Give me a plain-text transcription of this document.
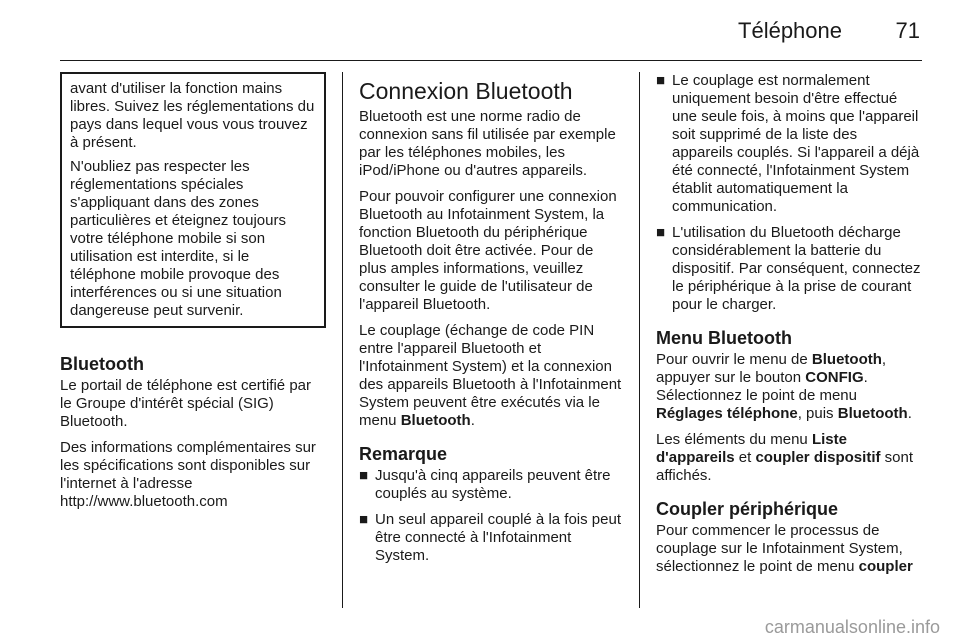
Téléphone 71

avant d'utiliser la fonction mains libres. Suivez les réglementations du pays dans lequel vous vous trouvez à présent.

N'oubliez pas respecter les réglementations spéciales s'appliquant dans des zones particulières et éteignez toujours votre téléphone mobile si son utilisation est interdite, si le téléphone mobile provoque des interférences ou si une situation dangereuse peut survenir.

Bluetooth

Le portail de téléphone est certifié par le Groupe d'intérêt spécial (SIG) Bluetooth.

Des informations complémentaires sur les spécifications sont disponibles sur l'internet à l'adresse http://www.bluetooth.com

Connexion Bluetooth

Bluetooth est une norme radio de connexion sans fil utilisée par exemple par les téléphones mobiles, les iPod/iPhone ou d'autres appareils.

Pour pouvoir configurer une connexion Bluetooth au Infotainment System, la fonction Bluetooth du périphérique Bluetooth doit être activée. Pour de plus amples informations, veuillez consulter le guide de l'utilisateur de l'appareil Bluetooth.

Le couplage (échange de code PIN entre l'appareil Bluetooth et l'Infotainment System) et la connexion des appareils Bluetooth à l'Infotainment System peuvent être exécutés via le menu Bluetooth.

Remarque
■ Jusqu'à cinq appareils peuvent être couplés au système.
■ Un seul appareil couplé à la fois peut être connecté à l'Infotainment System.
■ Le couplage est normalement uniquement besoin d'être effectué une seule fois, à moins que l'appareil soit supprimé de la liste des appareils couplés. Si l'appareil a déjà été connecté, l'Infotainment System établit automatiquement la communication.
■ L'utilisation du Bluetooth décharge considérablement la batterie du dispositif. Par conséquent, connectez le périphérique à la prise de courant pour le charger.
Menu Bluetooth

Pour ouvrir le menu de Bluetooth, appuyer sur le bouton CONFIG. Sélectionnez le point de menu Réglages téléphone, puis Bluetooth.

Les éléments du menu Liste d'appareils et coupler dispositif sont affichés.

Coupler périphérique

Pour commencer le processus de couplage sur le Infotainment System, sélectionnez le point de menu coupler

carmanualsonline.info
